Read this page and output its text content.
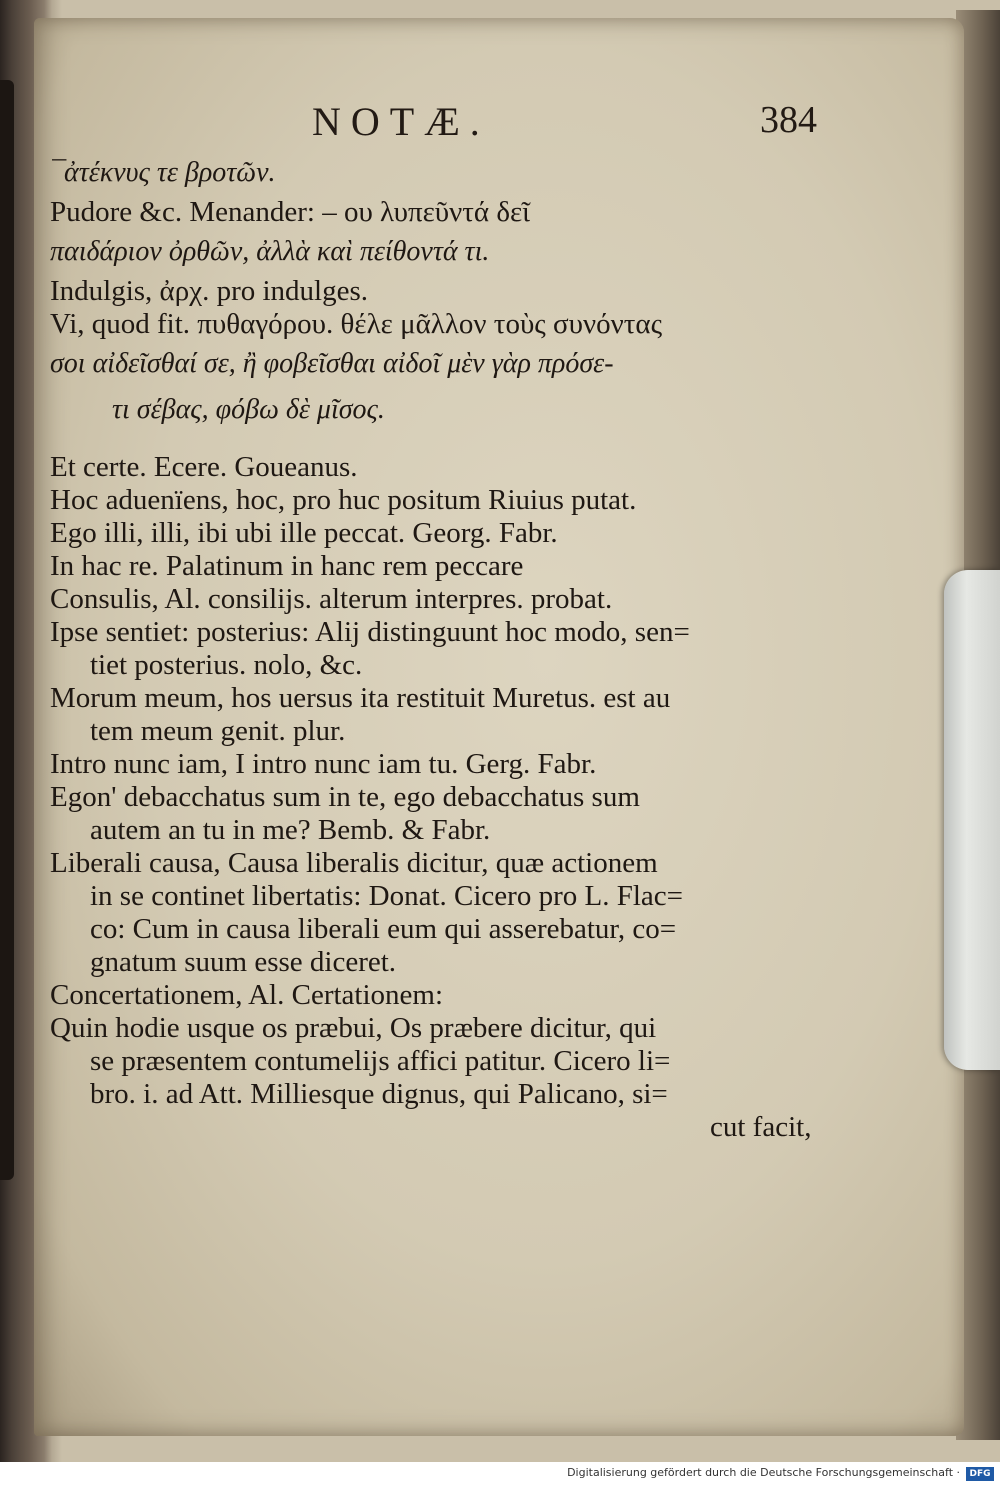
NOTÆ.	384
¯ἀτέκνυς τε βροτῶν.
Pudore &c. Menander: – ου λυπεῦντά δεῖ
παιδάριον ὀρθῶν, ἀλλὰ καὶ πείθοντά τι.
Indulgis, ἀρχ. pro indulges.
Vi, quod fit. πυθαγόρου. θέλε μᾶλλον τοὺς συνόντας
σοι αἰδεῖσθαί σε, ἢ φοβεῖσθαι αἰδοῖ μὲν γὰρ πρόσε-
τι σέβας, φόβω δὲ μῖσος.
Et certe. Ecere. Goueanus.
Hoc aduenïens, hoc, pro huc positum Riuius putat.
Ego illi, illi, ibi ubi ille peccat. Georg. Fabr.
In hac re. Palatinum in hanc rem peccare
Consulis, Al. consilijs. alterum interpres. probat.
Ipse sentiet: posterius: Alij distinguunt hoc modo, sen=
tiet posterius. nolo, &c.
Morum meum, hos uersus ita restituit Muretus. est au
tem meum genit. plur.
Intro nunc iam, I intro nunc iam tu. Gerg. Fabr.
Egon' debacchatus sum in te, ego debacchatus sum
autem an tu in me? Bemb. & Fabr.
Liberali causa, Causa liberalis dicitur, quæ actionem
in se continet libertatis: Donat. Cicero pro L. Flac=
co: Cum in causa liberali eum qui asserebatur, co=
gnatum suum esse diceret.
Concertationem, Al. Certationem:
Quin hodie usque os præbui, Os præbere dicitur, qui
se præsentem contumelijs affici patitur. Cicero li=
bro. i. ad Att. Milliesque dignus, qui Palicano, si=
cut facit,
Digitalisierung gefördert durch die Deutsche Forschungsgemeinschaft ·	DFG
